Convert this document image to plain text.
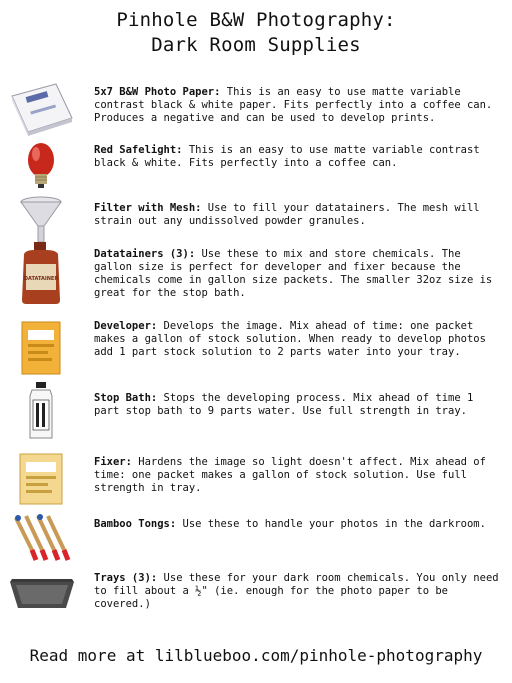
Pinhole B&W Photography:
Dark Room Supplies
5x7 B&W Photo Paper: This is an easy to use matte variable contrast black & white paper. Fits perfectly into a coffee can. Produces a negative and can be used to develop prints.
Red Safelight: This is an easy to use matte variable contrast black & white. Fits perfectly into a coffee can.
Filter with Mesh: Use to fill your datatainers. The mesh will strain out any undissolved powder granules.
DATATAINER
Datatainers (3): Use these to mix and store chemicals. The gallon size is perfect for developer and fixer because the chemicals come in gallon size packets. The smaller 32oz size is great for the stop bath.
Developer: Develops the image. Mix ahead of time: one packet makes a gallon of stock solution. When ready to develop photos add 1 part stock solution to 2 parts water into your tray.
Stop Bath: Stops the developing process. Mix ahead of time 1 part stop bath to 9 parts water. Use full strength in tray.
Fixer: Hardens the image so light doesn't affect. Mix ahead of time: one packet makes a gallon of stock solution. Use full strength in tray.
Bamboo Tongs: Use these to handle your photos in the darkroom.
Trays (3): Use these for your dark room chemicals. You only need to fill about a ½" (ie. enough for the photo paper to be covered.)
Read more at lilblueboo.com/pinhole-photography
